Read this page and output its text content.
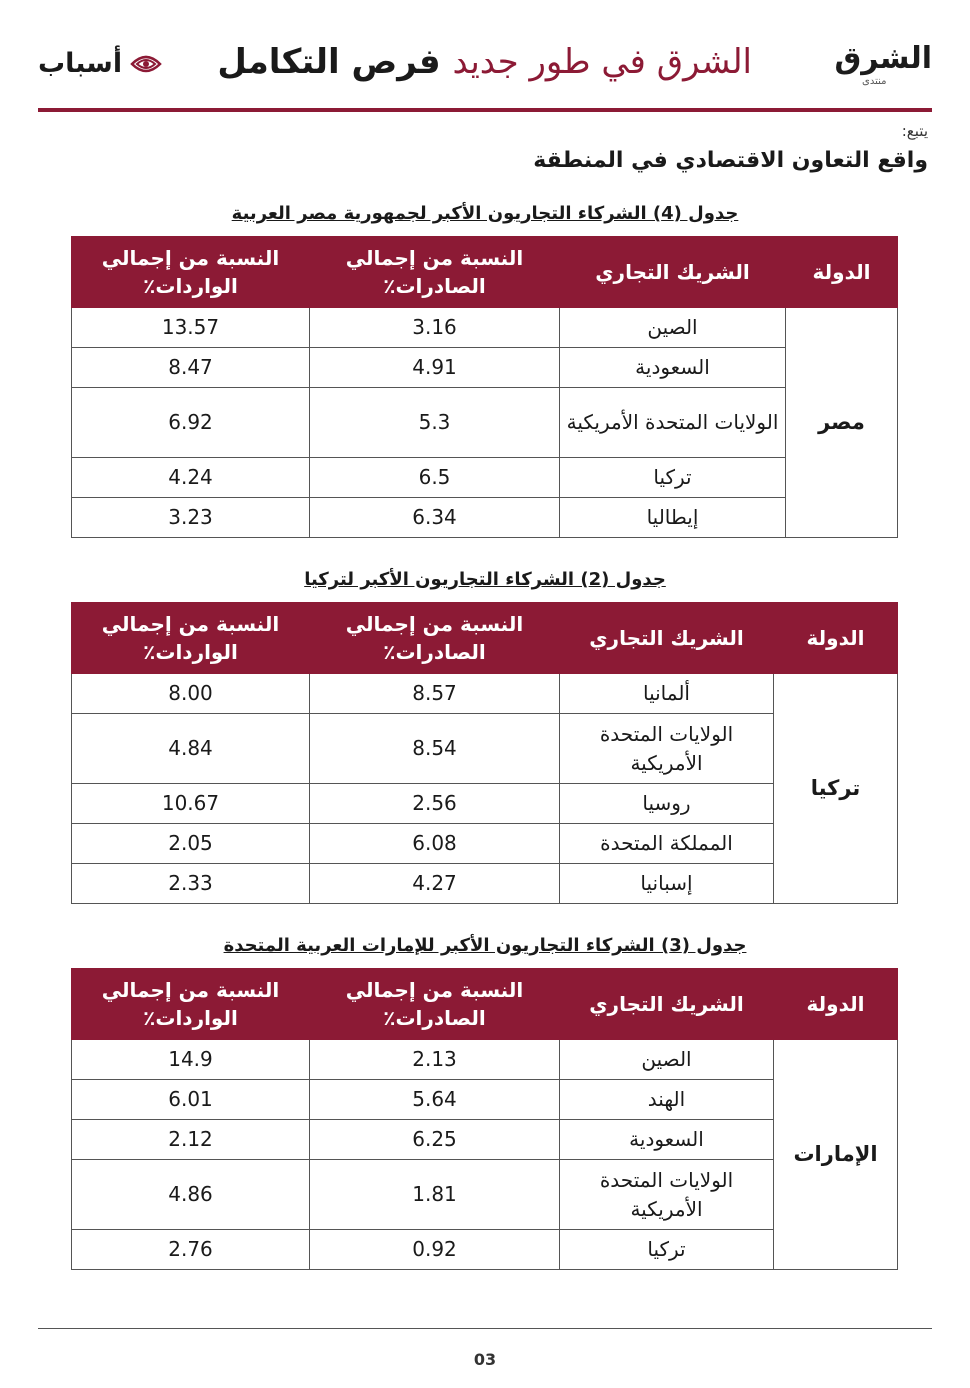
الشرق
منتدى
الشرق في طور جديد فرص التكامل
أسباب
يتبع:
واقع التعاون الاقتصادي في المنطقة
جدول (4) الشركاء التجاريون الأكبر لجمهورية مصر العربية
الدولة	الشريك التجاري	النسبة من إجمالي الصادرات٪	النسبة من إجمالي الواردات٪
مصر	الصين	3.16	13.57
	السعودية	4.91	8.47
	الولايات المتحدة الأمريكية	5.3	6.92
	تركيا	6.5	4.24
	إيطاليا	6.34	3.23
جدول (2) الشركاء التجاريون الأكبر لتركيا
الدولة	الشريك التجاري	النسبة من إجمالي الصادرات٪	النسبة من إجمالي الواردات٪
تركيا	ألمانيا	8.57	8.00
	الولايات المتحدة الأمريكية	8.54	4.84
	روسيا	2.56	10.67
	المملكة المتحدة	6.08	2.05
	إسبانيا	4.27	2.33
جدول (3) الشركاء التجاريون الأكبر للإمارات العربية المتحدة
الدولة	الشريك التجاري	النسبة من إجمالي الصادرات٪	النسبة من إجمالي الواردات٪
الإمارات	الصين	2.13	14.9
	الهند	5.64	6.01
	السعودية	6.25	2.12
	الولايات المتحدة الأمريكية	1.81	4.86
	تركيا	0.92	2.76
03
